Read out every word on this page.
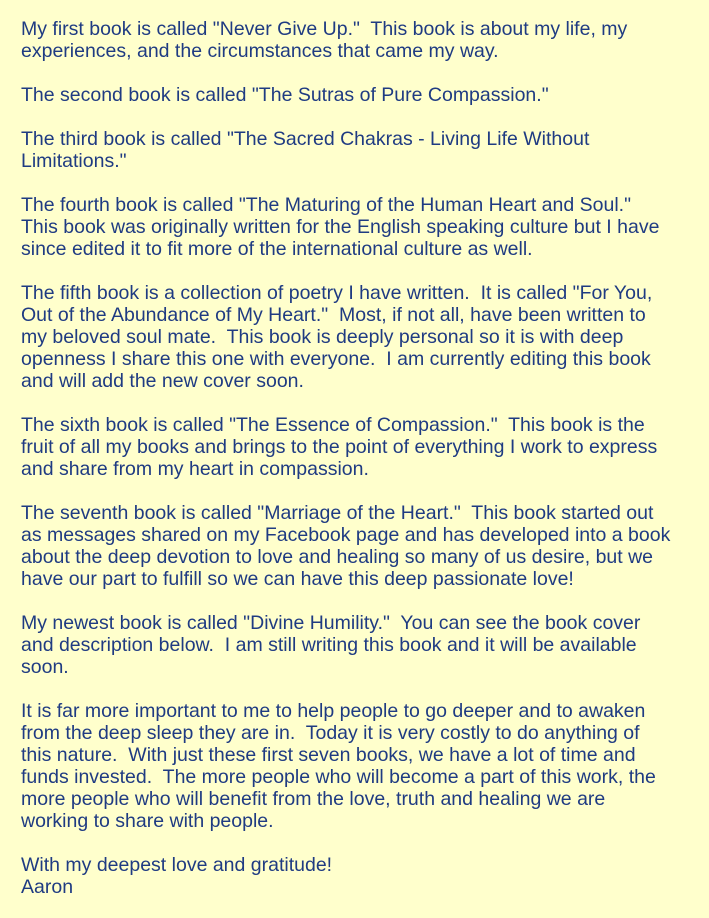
My first book is called "Never Give Up."  This book is about my life, my
experiences, and the circumstances that came my way.
The second book is called "The Sutras of Pure Compassion."
The third book is called "The Sacred Chakras - Living Life Without
Limitations."
The fourth book is called "The Maturing of the Human Heart and Soul."
This book was originally written for the English speaking culture but I have
since edited it to fit more of the international culture as well.
The fifth book is a collection of poetry I have written.  It is called "For You,
Out of the Abundance of My Heart."  Most, if not all, have been written to
my beloved soul mate.  This book is deeply personal so it is with deep
openness I share this one with everyone.  I am currently editing this book
and will add the new cover soon.
The sixth book is called "The Essence of Compassion."  This book is the
fruit of all my books and brings to the point of everything I work to express
and share from my heart in compassion.
The seventh book is called "Marriage of the Heart."  This book started out
as messages shared on my Facebook page and has developed into a book
about the deep devotion to love and healing so many of us desire, but we
have our part to fulfill so we can have this deep passionate love!
My newest book is called "Divine Humility."  You can see the book cover
and description below.  I am still writing this book and it will be available
soon.
It is far more important to me to help people to go deeper and to awaken
from the deep sleep they are in.  Today it is very costly to do anything of
this nature.  With just these first seven books, we have a lot of time and
funds invested.  The more people who will become a part of this work, the
more people who will benefit from the love, truth and healing we are
working to share with people.
With my deepest love and gratitude!
Aaron
